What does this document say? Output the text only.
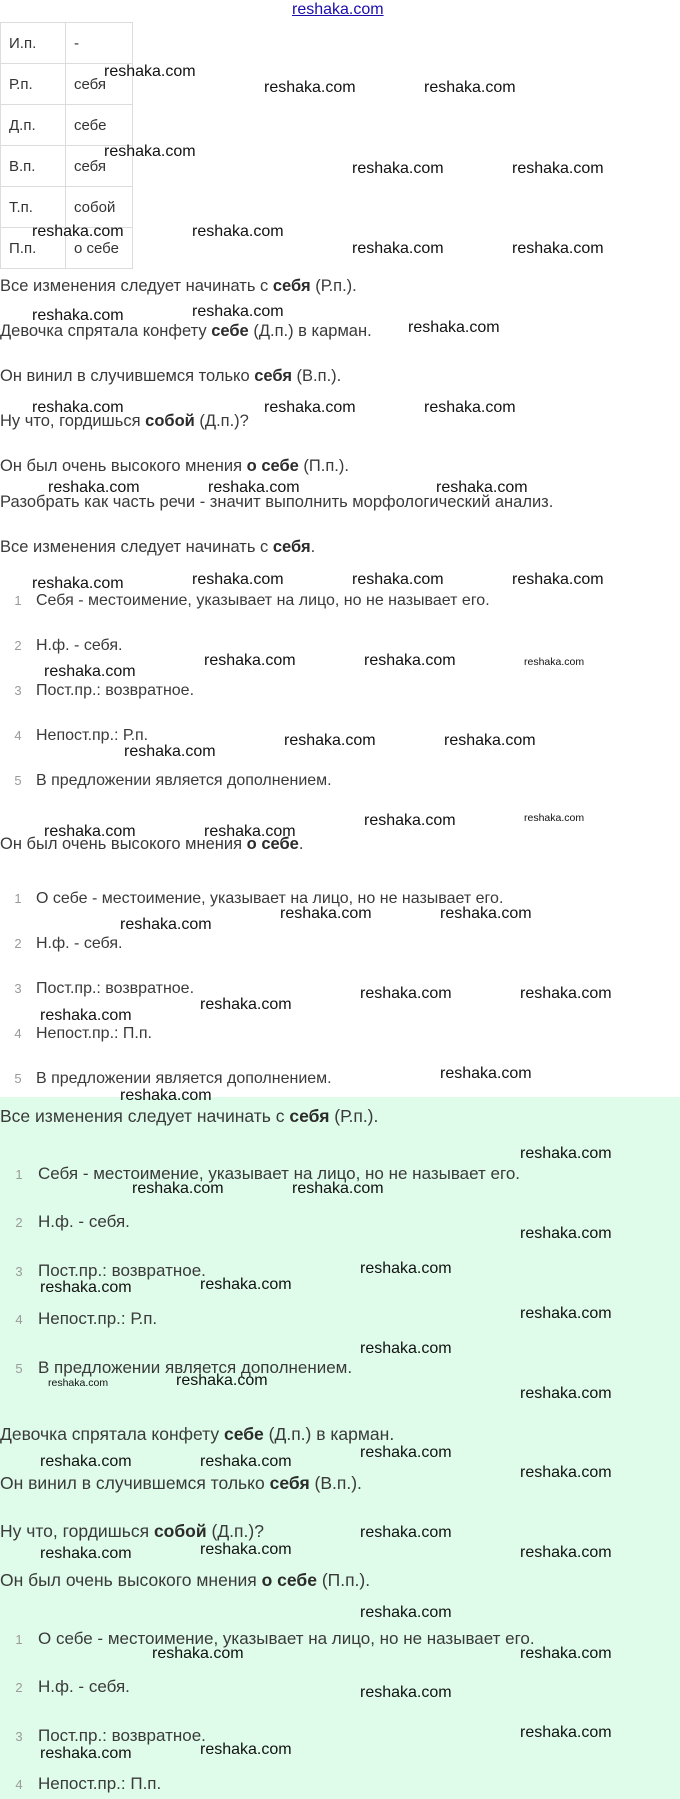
reshaka.com
И.п.	-
Р.п.	себя
Д.п.	себе
В.п.	себя
Т.п.	собой
П.п.	о себе
Все изменения следует начинать с себя (Р.п.).
Девочка спрятала конфету себе (Д.п.) в карман.
Он винил в случившемся только себя (В.п.).
Ну что, гордишься собой (Д.п.)?
Он был очень высокого мнения о себе (П.п.).
Разобрать как часть речи - значит выполнить морфологический анализ.
Все изменения следует начинать с себя.
1 Себя - местоимение, указывает на лицо, но не называет его.
2 Н.ф. - себя.
3 Пост.пр.: возвратное.
4 Непост.пр.: Р.п.
5 В предложении является дополнением.
Он был очень высокого мнения о себе.
1 О себе - местоимение, указывает на лицо, но не называет его.
2 Н.ф. - себя.
3 Пост.пр.: возвратное.
4 Непост.пр.: П.п.
5 В предложении является дополнением.
Все изменения следует начинать с себя (Р.п.).
1 Себя - местоимение, указывает на лицо, но не называет его.
2 Н.ф. - себя.
3 Пост.пр.: возвратное.
4 Непост.пр.: Р.п.
5 В предложении является дополнением.
Девочка спрятала конфету себе (Д.п.) в карман.
Он винил в случившемся только себя (В.п.).
Ну что, гордишься собой (Д.п.)?
Он был очень высокого мнения о себе (П.п.).
1 О себе - местоимение, указывает на лицо, но не называет его.
2 Н.ф. - себя.
3 Пост.пр.: возвратное.
4 Непост.пр.: П.п.
reshaka.com
reshaka.com	reshaka.com
reshaka.com
reshaka.com	reshaka.com
reshaka.com	reshaka.com
reshaka.com	reshaka.com
reshaka.com	reshaka.com
reshaka.com
reshaka.com	reshaka.com	reshaka.com
reshaka.com	reshaka.com	reshaka.com
reshaka.com	reshaka.com	reshaka.com	reshaka.com
reshaka.com	reshaka.com	reshaka.com
reshaka.com
reshaka.com	reshaka.com
reshaka.com
reshaka.com	reshaka.com
reshaka.com	reshaka.com
reshaka.com	reshaka.com
reshaka.com
reshaka.com	reshaka.com
reshaka.com
reshaka.com
reshaka.com
reshaka.com
reshaka.com
reshaka.com	reshaka.com
reshaka.com
reshaka.com
reshaka.com	reshaka.com
reshaka.com
reshaka.com
reshaka.com	reshaka.com
reshaka.com
reshaka.com
reshaka.com	reshaka.com
reshaka.com
reshaka.com
reshaka.com	reshaka.com	reshaka.com
reshaka.com
reshaka.com	reshaka.com
reshaka.com
reshaka.com
reshaka.com	reshaka.com
